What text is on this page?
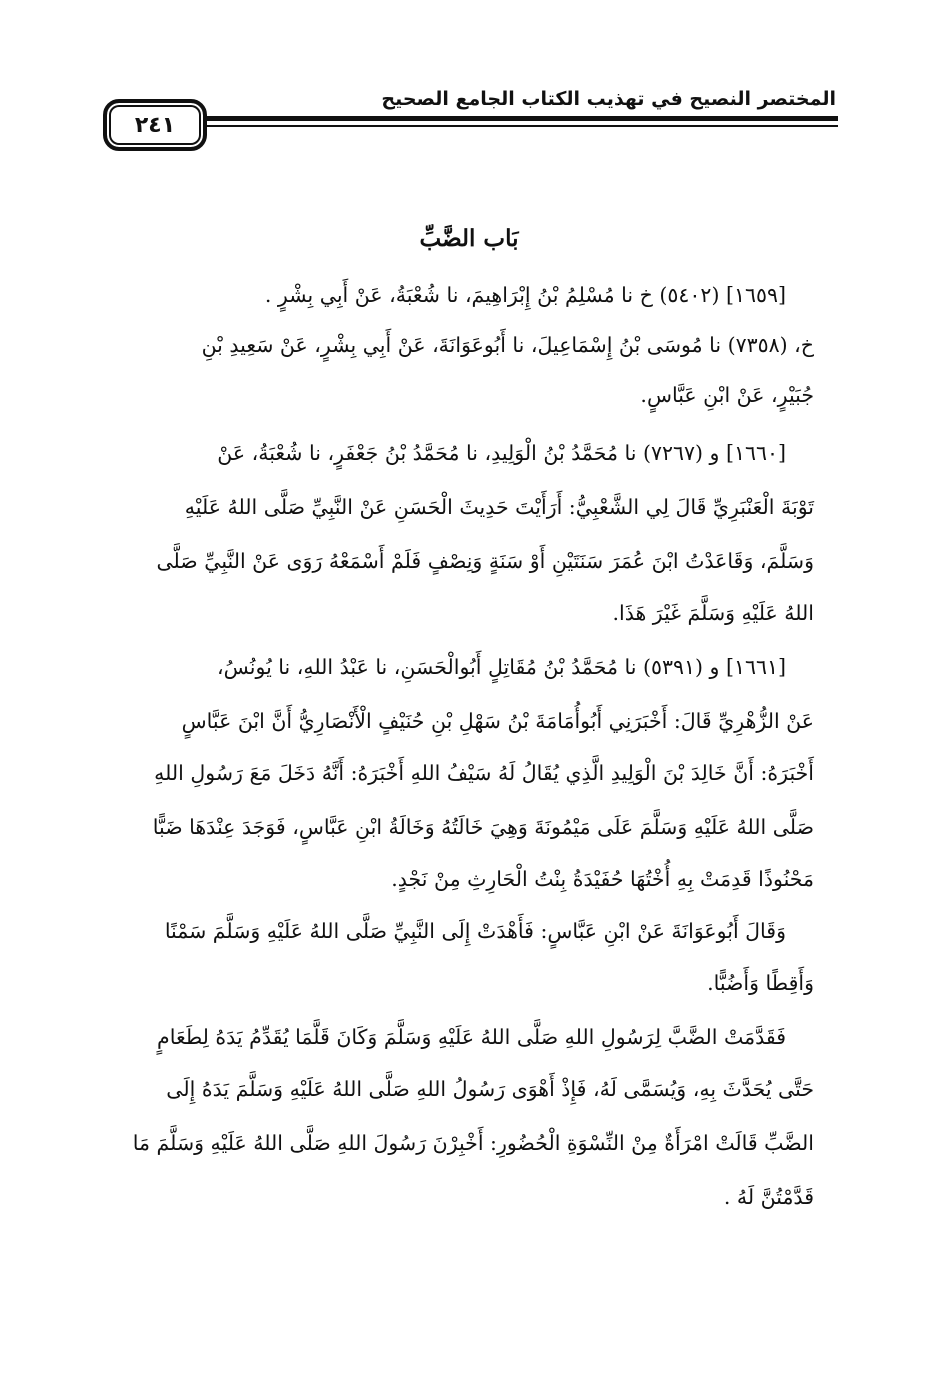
المختصر النصيح في تهذيب الكتاب الجامع الصحيح
٢٤١
بَاب الضَّبِّ
[١٦٥٩] (٥٤٠٢) خ نا مُسْلِمُ بْنُ إِبْرَاهِيمَ، نا شُعْبَةُ، عَنْ أَبِي بِشْرٍ .
خ، (٧٣٥٨) نا مُوسَى بْنُ إِسْمَاعِيلَ، نا أَبُوعَوَانَةَ، عَنْ أَبِي بِشْرٍ، عَنْ سَعِيدِ بْنِ
جُبَيْرٍ، عَنْ ابْنِ عَبَّاسٍ.
[١٦٦٠] و (٧٢٦٧) نا مُحَمَّدُ بْنُ الْوَلِيدِ، نا مُحَمَّدُ بْنُ جَعْفَرٍ، نا شُعْبَةُ، عَنْ
تَوْبَةَ الْعَنْبَرِيِّ قَالَ لِي الشَّعْبِيُّ: أَرَأَيْتَ حَدِيثَ الْحَسَنِ عَنْ النَّبِيِّ صَلَّى اللهُ عَلَيْهِ
وَسَلَّمَ، وَقَاعَدْتُ ابْنَ عُمَرَ سَنَتَيْنِ أَوْ سَنَةٍ وَنِصْفٍ فَلَمْ أَسْمَعْهُ رَوَى عَنْ النَّبِيِّ صَلَّى
اللهُ عَلَيْهِ وَسَلَّمَ غَيْرَ هَذَا.
[١٦٦١] و (٥٣٩١) نا مُحَمَّدُ بْنُ مُقَاتِلٍ أَبُوالْحَسَنِ، نا عَبْدُ اللهِ، نا يُونُسُ،
عَنْ الزُّهْرِيِّ قَالَ: أَخْبَرَنِي أَبُوأُمَامَةَ بْنُ سَهْلِ بْنِ حُنَيْفٍ الْأَنْصَارِيُّ أَنَّ ابْنَ عَبَّاسٍ
أَخْبَرَهُ: أَنَّ خَالِدَ بْنَ الْوَلِيدِ الَّذِي يُقَالُ لَهُ سَيْفُ اللهِ أَخْبَرَهُ: أَنَّهُ دَخَلَ مَعَ رَسُولِ اللهِ
صَلَّى اللهُ عَلَيْهِ وَسَلَّمَ عَلَى مَيْمُونَةَ وَهِيَ خَالَتُهُ وَخَالَةُ ابْنِ عَبَّاسٍ، فَوَجَدَ عِنْدَهَا ضَبًّا
مَحْنُوذًا قَدِمَتْ بِهِ أُخْتُهَا حُفَيْدَةُ بِنْتُ الْحَارِثِ مِنْ نَجْدٍ.
وَقَالَ أَبُوعَوَانَةَ عَنْ ابْنِ عَبَّاسٍ: فَأَهْدَتْ إِلَى النَّبِيِّ صَلَّى اللهُ عَلَيْهِ وَسَلَّمَ سَمْنًا
وَأَقِطًا وَأَضُبًّا.
فَقَدَّمَتْ الضَّبَّ لِرَسُولِ اللهِ صَلَّى اللهُ عَلَيْهِ وَسَلَّمَ وَكَانَ قَلَّمَا يُقَدِّمُ يَدَهُ لِطَعَامٍ
حَتَّى يُحَدَّثَ بِهِ، وَيُسَمَّى لَهُ، فَإِذْ أَهْوَى رَسُولُ اللهِ صَلَّى اللهُ عَلَيْهِ وَسَلَّمَ يَدَهُ إِلَى
الضَّبِّ قَالَتْ امْرَأَةٌ مِنْ النِّسْوَةِ الْحُضُورِ: أَخْبِرْنَ رَسُولَ اللهِ صَلَّى اللهُ عَلَيْهِ وَسَلَّمَ مَا
قَدَّمْتُنَّ لَهُ .
